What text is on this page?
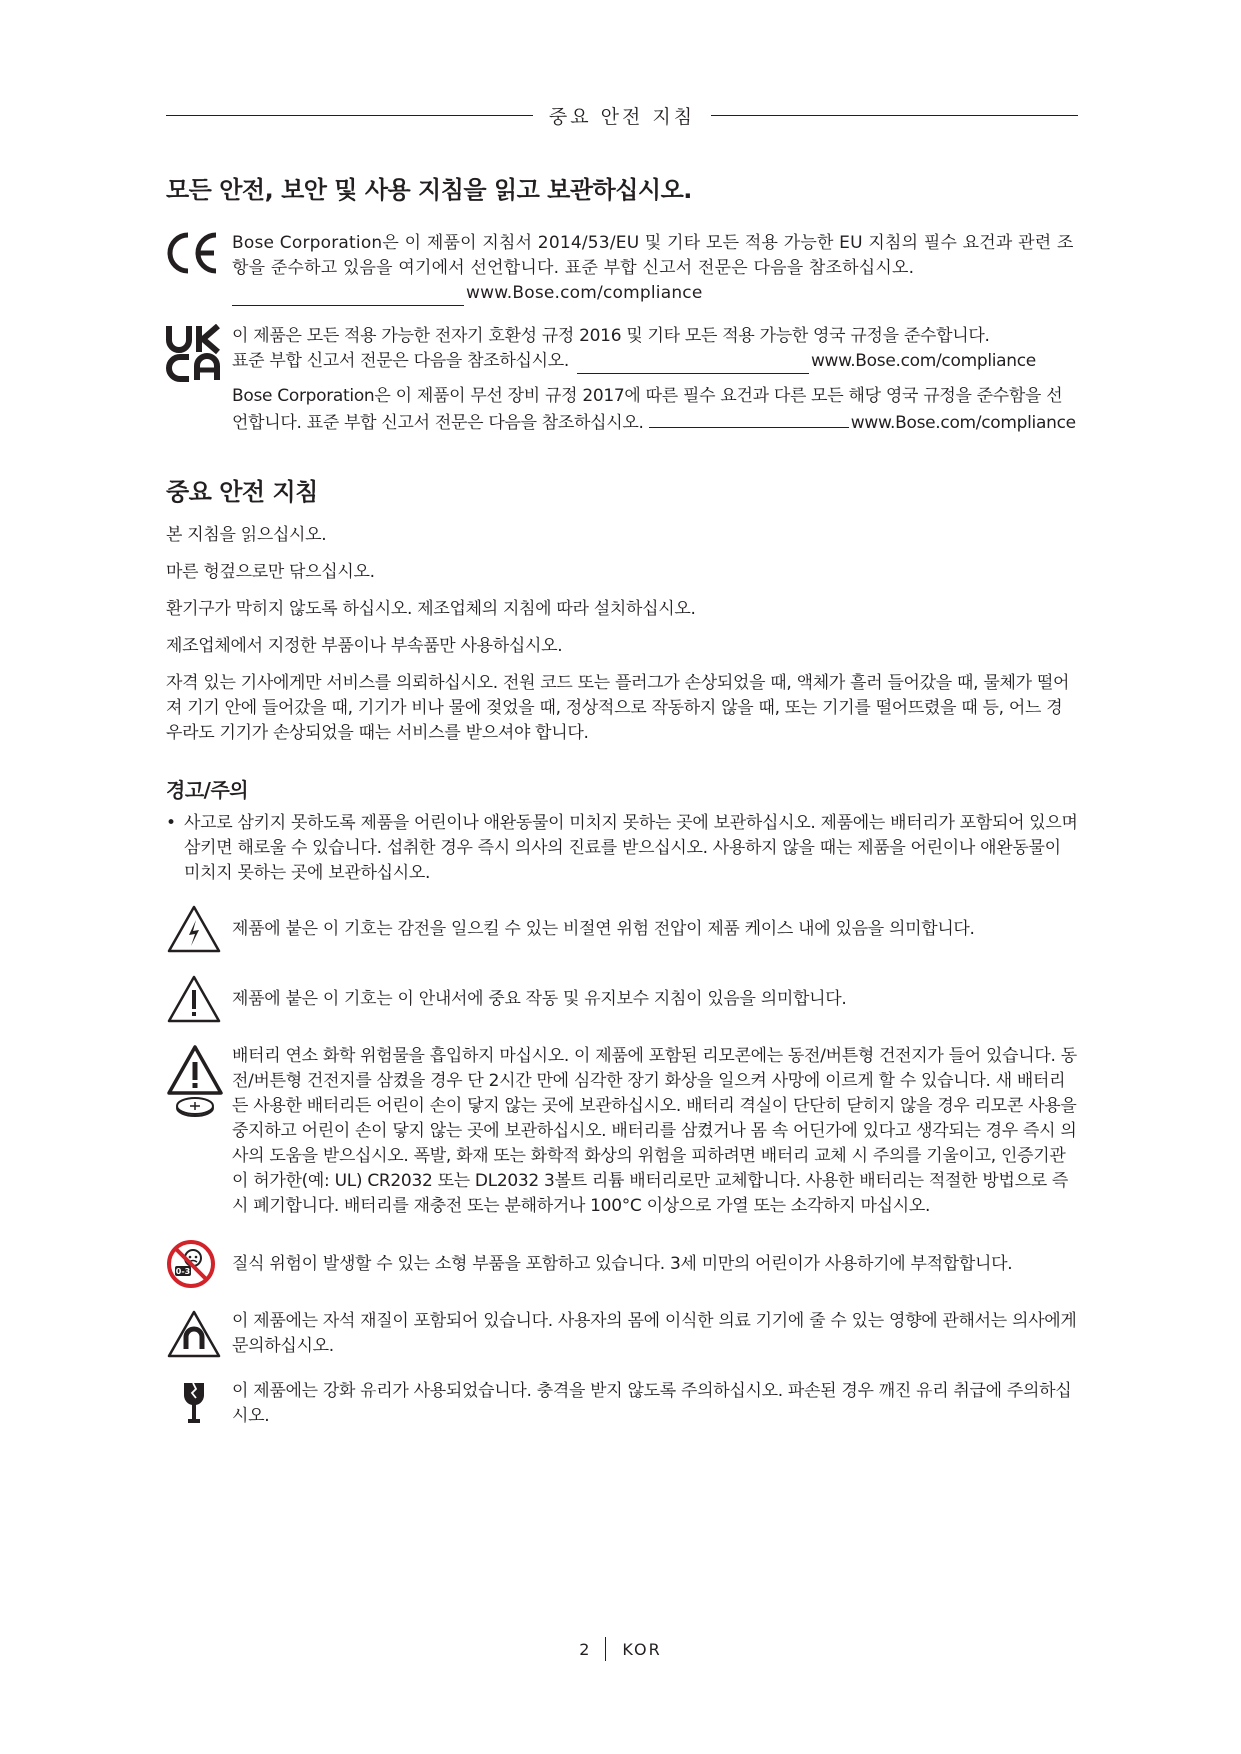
중요 안전 지침
모든 안전, 보안 및 사용 지침을 읽고 보관하십시오.
Bose Corporation은 이 제품이 지침서 2014/53/EU 및 기타 모든 적용 가능한 EU 지침의 필수 요건과 관련 조항을 준수하고 있음을 여기에서 선언합니다. 표준 부합 신고서 전문은 다음을 참조하십시오.
www.Bose.com/compliance
이 제품은 모든 적용 가능한 전자기 호환성 규정 2016 및 기타 모든 적용 가능한 영국 규정을 준수합니다.
표준 부합 신고서 전문은 다음을 참조하십시오.	www.Bose.com/compliance
Bose Corporation은 이 제품이 무선 장비 규정 2017에 따른 필수 요건과 다른 모든 해당 영국 규정을 준수함을 선언합니다. 표준 부합 신고서 전문은 다음을 참조하십시오.	www.Bose.com/compliance
중요 안전 지침

본 지침을 읽으십시오.

마른 헝겊으로만 닦으십시오.

환기구가 막히지 않도록 하십시오. 제조업체의 지침에 따라 설치하십시오.

제조업체에서 지정한 부품이나 부속품만 사용하십시오.

자격 있는 기사에게만 서비스를 의뢰하십시오. 전원 코드 또는 플러그가 손상되었을 때, 액체가 흘러 들어갔을 때, 물체가 떨어져 기기 안에 들어갔을 때, 기기가 비나 물에 젖었을 때, 정상적으로 작동하지 않을 때, 또는 기기를 떨어뜨렸을 때 등, 어느 경우라도 기기가 손상되었을 때는 서비스를 받으셔야 합니다.

경고/주의
• 사고로 삼키지 못하도록 제품을 어린이나 애완동물이 미치지 못하는 곳에 보관하십시오. 제품에는 배터리가 포함되어 있으며 삼키면 해로울 수 있습니다. 섭취한 경우 즉시 의사의 진료를 받으십시오. 사용하지 않을 때는 제품을 어린이나 애완동물이 미치지 못하는 곳에 보관하십시오.
제품에 붙은 이 기호는 감전을 일으킬 수 있는 비절연 위험 전압이 제품 케이스 내에 있음을 의미합니다.
제품에 붙은 이 기호는 이 안내서에 중요 작동 및 유지보수 지침이 있음을 의미합니다.
배터리 연소 화학 위험물을 흡입하지 마십시오. 이 제품에 포함된 리모콘에는 동전/버튼형 건전지가 들어 있습니다. 동전/버튼형 건전지를 삼켰을 경우 단 2시간 만에 심각한 장기 화상을 일으켜 사망에 이르게 할 수 있습니다. 새 배터리든 사용한 배터리든 어린이 손이 닿지 않는 곳에 보관하십시오. 배터리 격실이 단단히 닫히지 않을 경우 리모콘 사용을 중지하고 어린이 손이 닿지 않는 곳에 보관하십시오. 배터리를 삼켰거나 몸 속 어딘가에 있다고 생각되는 경우 즉시 의사의 도움을 받으십시오. 폭발, 화재 또는 화학적 화상의 위험을 피하려면 배터리 교체 시 주의를 기울이고, 인증기관이 허가한(예: UL) CR2032 또는 DL2032 3볼트 리튬 배터리로만 교체합니다. 사용한 배터리는 적절한 방법으로 즉시 폐기합니다. 배터리를 재충전 또는 분해하거나 100°C 이상으로 가열 또는 소각하지 마십시오.
0-3 질식 위험이 발생할 수 있는 소형 부품을 포함하고 있습니다. 3세 미만의 어린이가 사용하기에 부적합합니다.
이 제품에는 자석 재질이 포함되어 있습니다. 사용자의 몸에 이식한 의료 기기에 줄 수 있는 영향에 관해서는 의사에게 문의하십시오.
이 제품에는 강화 유리가 사용되었습니다. 충격을 받지 않도록 주의하십시오. 파손된 경우 깨진 유리 취급에 주의하십시오.
2	KOR
